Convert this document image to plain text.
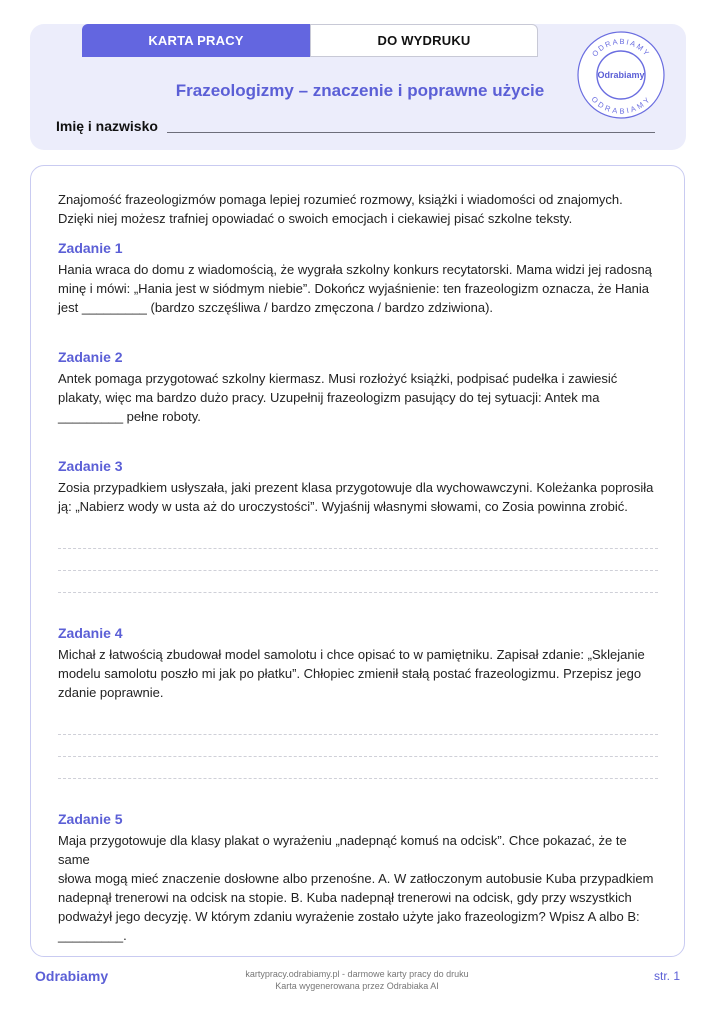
KARTA PRACY	DO WYDRUKU
Frazeologizmy – znaczenie i poprawne użycie
Imię i nazwisko
ODRABIAMY
ODRABIAMY
Odrabiamy

Znajomość frazeologizmów pomaga lepiej rozumieć rozmowy, książki i wiadomości od znajomych.
Dzięki niej możesz trafniej opowiadać o swoich emocjach i ciekawiej pisać szkolne teksty.

Zadanie 1

Hania wraca do domu z wiadomością, że wygrała szkolny konkurs recytatorski. Mama widzi jej radosną
minę i mówi: „Hania jest w siódmym niebie”. Dokończ wyjaśnienie: ten frazeologizm oznacza, że Hania
jest _________ (bardzo szczęśliwa / bardzo zmęczona / bardzo zdziwiona).

Zadanie 2

Antek pomaga przygotować szkolny kiermasz. Musi rozłożyć książki, podpisać pudełka i zawiesić
plakaty, więc ma bardzo dużo pracy. Uzupełnij frazeologizm pasujący do tej sytuacji: Antek ma
_________ pełne roboty.

Zadanie 3

Zosia przypadkiem usłyszała, jaki prezent klasa przygotowuje dla wychowawczyni. Koleżanka poprosiła
ją: „Nabierz wody w usta aż do uroczystości”. Wyjaśnij własnymi słowami, co Zosia powinna zrobić.

Zadanie 4

Michał z łatwością zbudował model samolotu i chce opisać to w pamiętniku. Zapisał zdanie: „Sklejanie
modelu samolotu poszło mi jak po płatku”. Chłopiec zmienił stałą postać frazeologizmu. Przepisz jego
zdanie poprawnie.

Zadanie 5

Maja przygotowuje dla klasy plakat o wyrażeniu „nadepnąć komuś na odcisk”. Chce pokazać, że te same
słowa mogą mieć znaczenie dosłowne albo przenośne. A. W zatłoczonym autobusie Kuba przypadkiem
nadepnął trenerowi na odcisk na stopie. B. Kuba nadepnął trenerowi na odcisk, gdy przy wszystkich
podważył jego decyzję. W którym zdaniu wyrażenie zostało użyte jako frazeologizm? Wpisz A albo B:
_________.

Odrabiamy	kartypracy.odrabiamy.pl - darmowe karty pracy do druku
Karta wygenerowana przez Odrabiaka AI
str. 1
